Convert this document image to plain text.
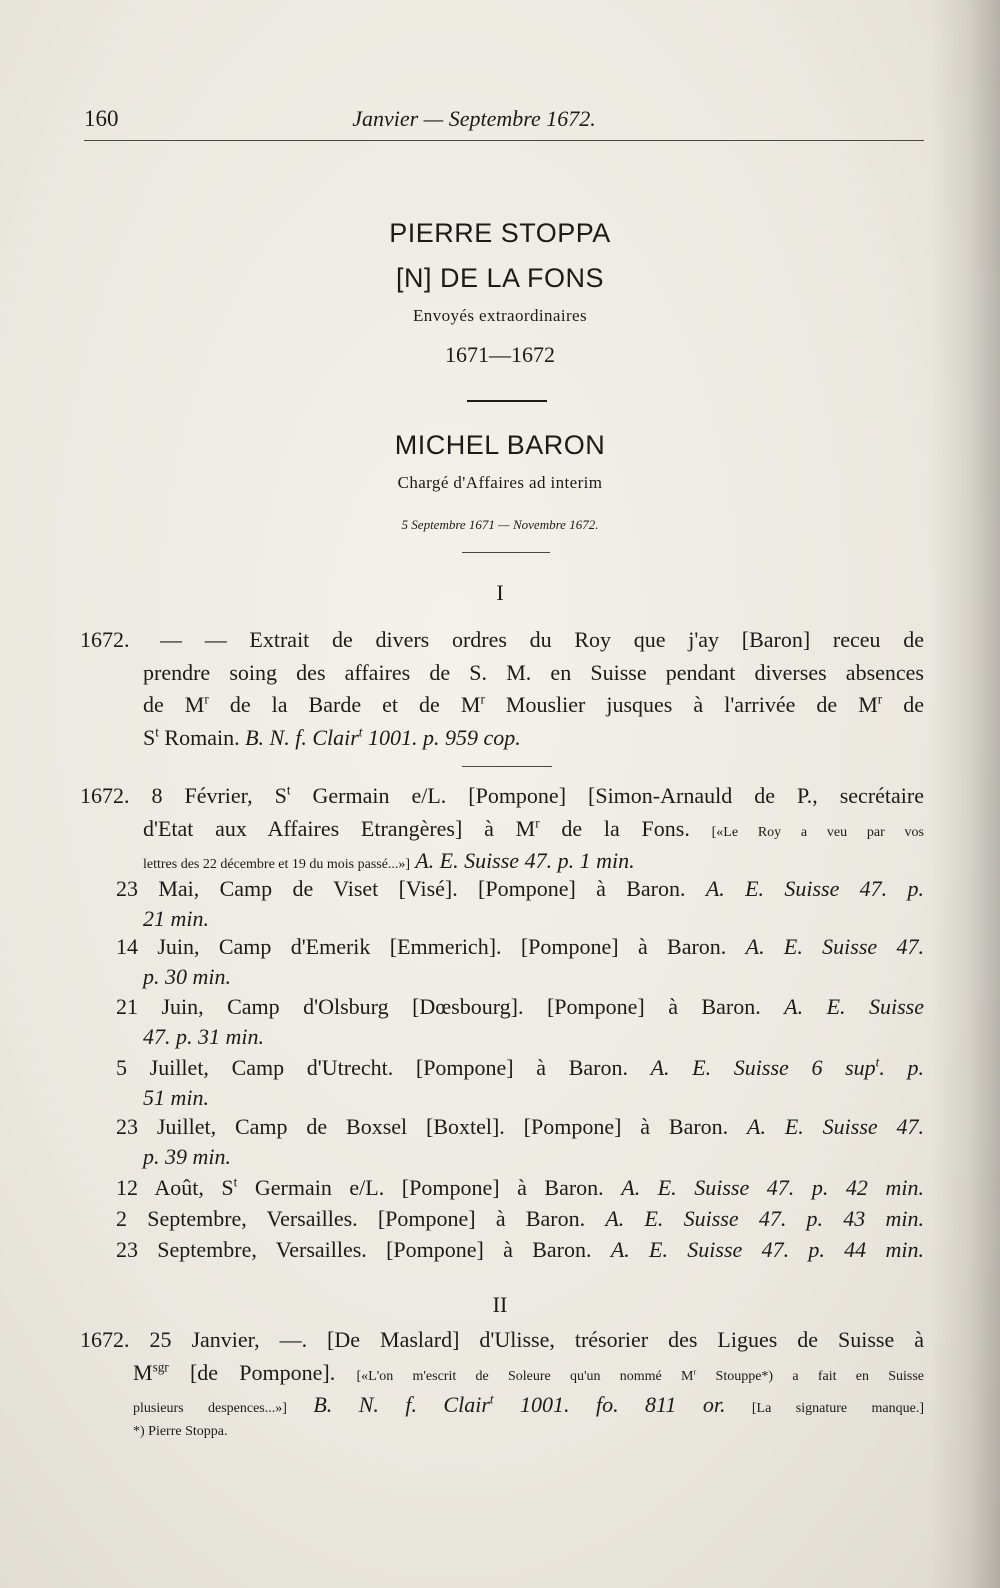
160	Janvier — Septembre 1672.
PIERRE STOPPA
[N] DE LA FONS
Envoyés extraordinaires
1671—1672
MICHEL BARON
Chargé d'Affaires ad interim
5 Septembre 1671 — Novembre 1672.
I
1672. — — Extrait de divers ordres du Roy que j'ay [Baron] receu de
prendre soing des affaires de S. M. en Suisse pendant diverses absences
de $M^r$ de la Barde et de $M^r$ Mouslier jusques à l'arrivée de $M^r$ de
$S^t$ Romain. B. N. f. Clair$^t$ 1001. p. 959 cop.
1672. 8 Février, $S^t$ Germain e/L. [Pompone] [Simon-Arnauld de P., secrétaire
d'Etat aux Affaires Etrangères] à $M^r$ de la Fons. [«Le Roy a veu par vos
lettres des 22 décembre et 19 du mois passé...»] A. E. Suisse 47. p. 1 min.
23 Mai, Camp de Viset [Visé]. [Pompone] à Baron. A. E. Suisse 47. p.
21 min.
14 Juin, Camp d'Emerik [Emmerich]. [Pompone] à Baron. A. E. Suisse 47.
p. 30 min.
21 Juin, Camp d'Olsburg [Dœsbourg]. [Pompone] à Baron. A. E. Suisse
47. p. 31 min.
5 Juillet, Camp d'Utrecht. [Pompone] à Baron. A. E. Suisse 6 sup$^t$. p.
51 min.
23 Juillet, Camp de Boxsel [Boxtel]. [Pompone] à Baron. A. E. Suisse 47.
p. 39 min.
12 Août, $S^t$ Germain e/L. [Pompone] à Baron. A. E. Suisse 47. p. 42 min.
2 Septembre, Versailles. [Pompone] à Baron. A. E. Suisse 47. p. 43 min.
23 Septembre, Versailles. [Pompone] à Baron. A. E. Suisse 47. p. 44 min.
II
1672. 25 Janvier, —. [De Maslard] d'Ulisse, trésorier des Ligues de Suisse à
$M^{sgr}$ [de Pompone]. [«L'on m'escrit de Soleure qu'un nommé $M^r$ Stouppe*) a fait en Suisse
plusieurs despences...»] B. N. f. Clair$^t$ 1001. fo. 811 or. [La signature manque.]
*) Pierre Stoppa.
